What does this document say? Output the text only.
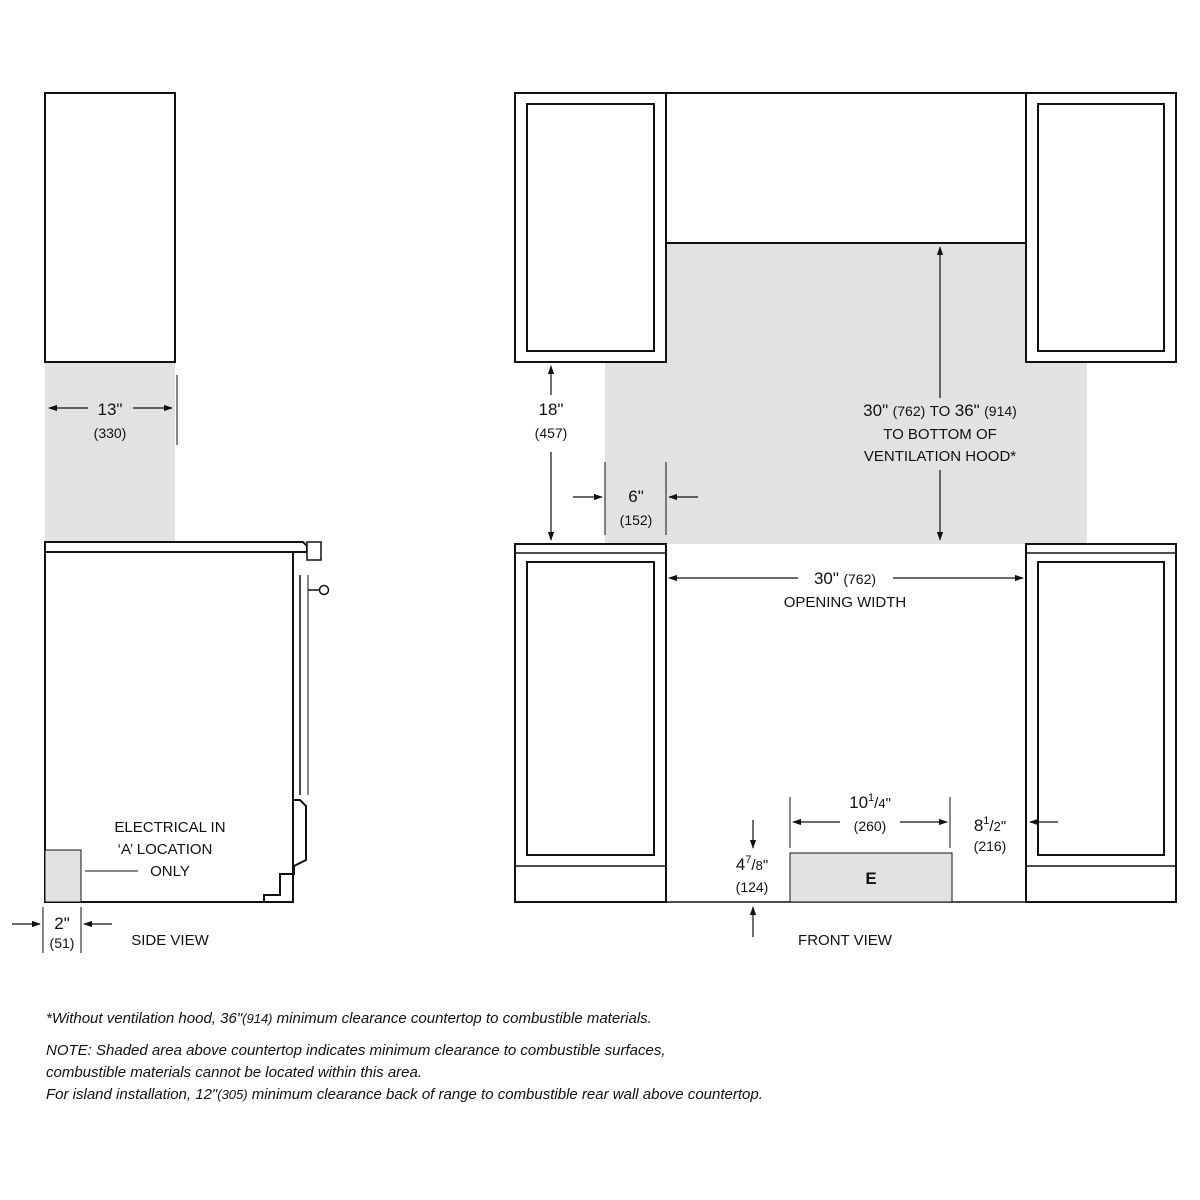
13"
(330)
2"
(51)
ELECTRICAL IN
‘A’ LOCATION
ONLY
SIDE VIEW
18"
(457)
30" (762) TO 36" (914)
TO BOTTOM OF
VENTILATION HOOD*
6"
(152)
30" (762)
OPENING WIDTH
$10^1/4$"
(260)	$8^1/2$"
(216)
$4^7/8$"
(124)	E
FRONT VIEW

*Without ventilation hood, 36"(914) minimum clearance countertop to combustible materials.

NOTE: Shaded area above countertop indicates minimum clearance to combustible surfaces,

combustible materials cannot be located within this area.

For island installation, 12"(305) minimum clearance back of range to combustible rear wall above countertop.
